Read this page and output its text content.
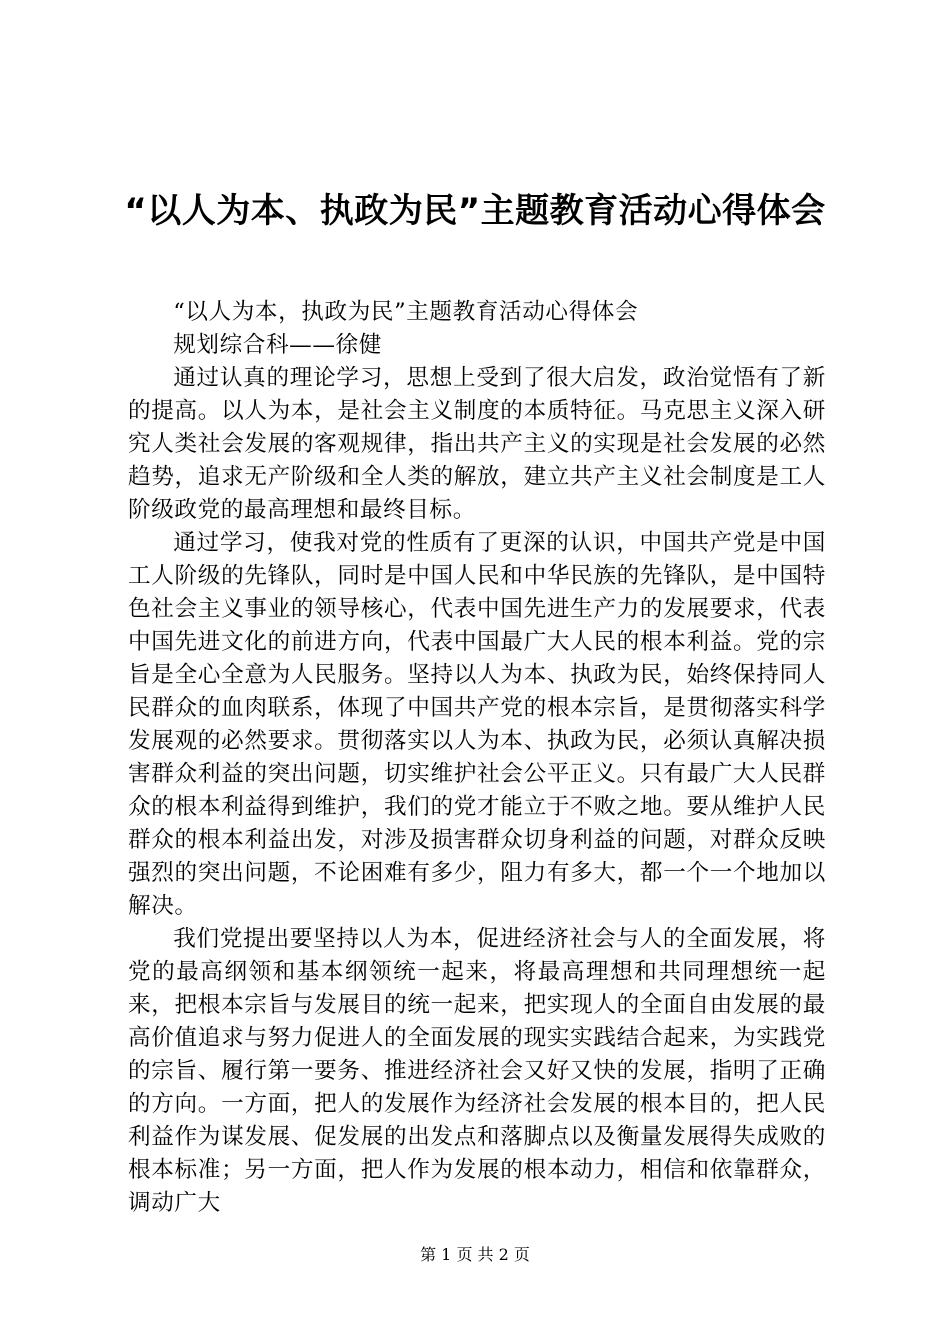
“以人为本、执政为民”主题教育活动心得体会

“以人为本，执政为民”主题教育活动心得体会

规划综合科——徐健

通过认真的理论学习，思想上受到了很大启发，政治觉悟有了新的提高。以人为本，是社会主义制度的本质特征。马克思主义深入研究人类社会发展的客观规律，指出共产主义的实现是社会发展的必然趋势，追求无产阶级和全人类的解放，建立共产主义社会制度是工人阶级政党的最高理想和最终目标。

通过学习，使我对党的性质有了更深的认识，中国共产党是中国工人阶级的先锋队，同时是中国人民和中华民族的先锋队，是中国特色社会主义事业的领导核心，代表中国先进生产力的发展要求，代表中国先进文化的前进方向，代表中国最广大人民的根本利益。党的宗旨是全心全意为人民服务。坚持以人为本、执政为民，始终保持同人民群众的血肉联系，体现了中国共产党的根本宗旨，是贯彻落实科学发展观的必然要求。贯彻落实以人为本、执政为民，必须认真解决损害群众利益的突出问题，切实维护社会公平正义。只有最广大人民群众的根本利益得到维护，我们的党才能立于不败之地。要从维护人民群众的根本利益出发，对涉及损害群众切身利益的问题，对群众反映强烈的突出问题，不论困难有多少，阻力有多大，都一个一个地加以解决。

我们党提出要坚持以人为本，促进经济社会与人的全面发展，将党的最高纲领和基本纲领统一起来，将最高理想和共同理想统一起来，把根本宗旨与发展目的统一起来，把实现人的全面自由发展的最高价值追求与努力促进人的全面发展的现实实践结合起来，为实践党的宗旨、履行第一要务、推进经济社会又好又快的发展，指明了正确的方向。一方面，把人的发展作为经济社会发展的根本目的，把人民利益作为谋发展、促发展的出发点和落脚点以及衡量发展得失成败的根本标准；另一方面，把人作为发展的根本动力，相信和依靠群众，调动广大

第 1 页 共 2 页
